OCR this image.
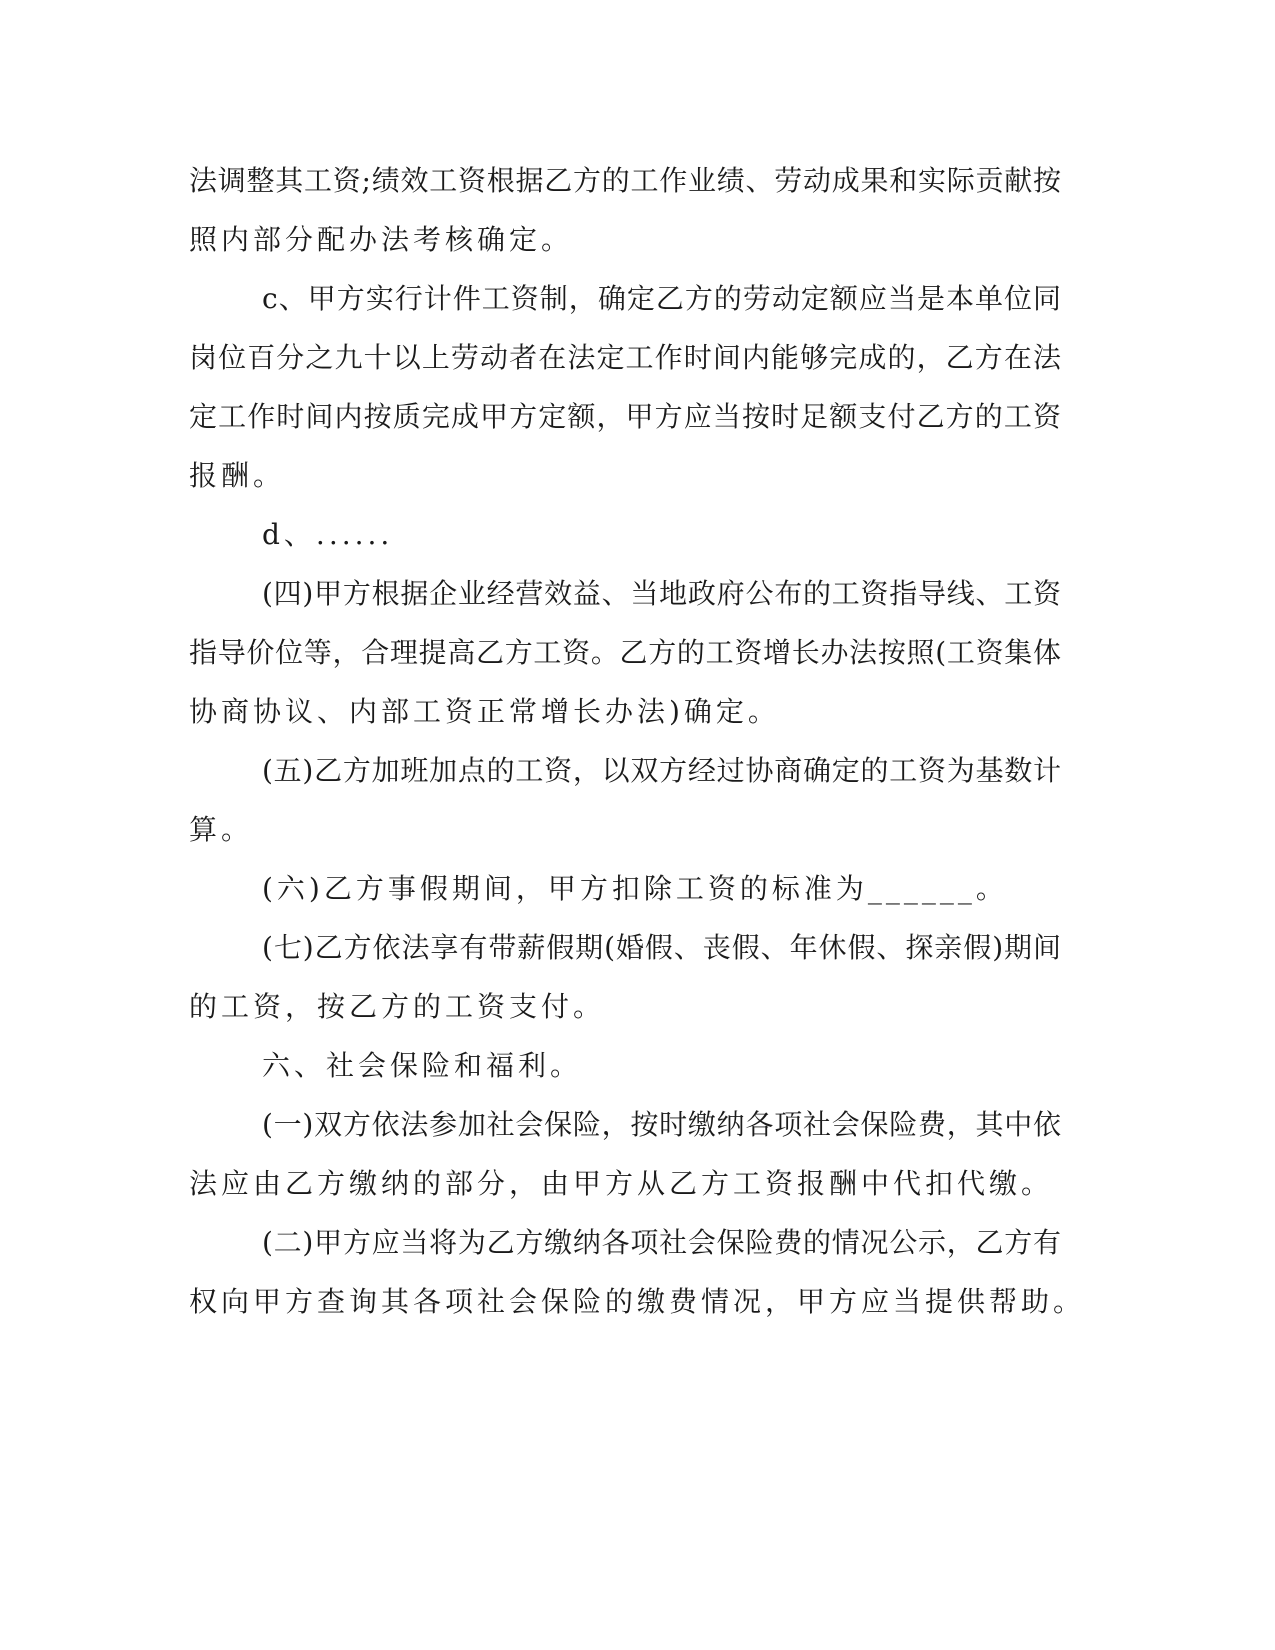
法调整其工资;绩效工资根据乙方的工作业绩、劳动成果和实际贡献按
照内部分配办法考核确定。
c、甲方实行计件工资制，确定乙方的劳动定额应当是本单位同
岗位百分之九十以上劳动者在法定工作时间内能够完成的，乙方在法
定工作时间内按质完成甲方定额，甲方应当按时足额支付乙方的工资
报酬。
d、......
(四)甲方根据企业经营效益、当地政府公布的工资指导线、工资
指导价位等，合理提高乙方工资。乙方的工资增长办法按照(工资集体
协商协议、内部工资正常增长办法)确定。
(五)乙方加班加点的工资，以双方经过协商确定的工资为基数计
算。
(六)乙方事假期间，甲方扣除工资的标准为______。
(七)乙方依法享有带薪假期(婚假、丧假、年休假、探亲假)期间
的工资，按乙方的工资支付。
六、社会保险和福利。
(一)双方依法参加社会保险，按时缴纳各项社会保险费，其中依
法应由乙方缴纳的部分，由甲方从乙方工资报酬中代扣代缴。
(二)甲方应当将为乙方缴纳各项社会保险费的情况公示，乙方有
权向甲方查询其各项社会保险的缴费情况，甲方应当提供帮助。
